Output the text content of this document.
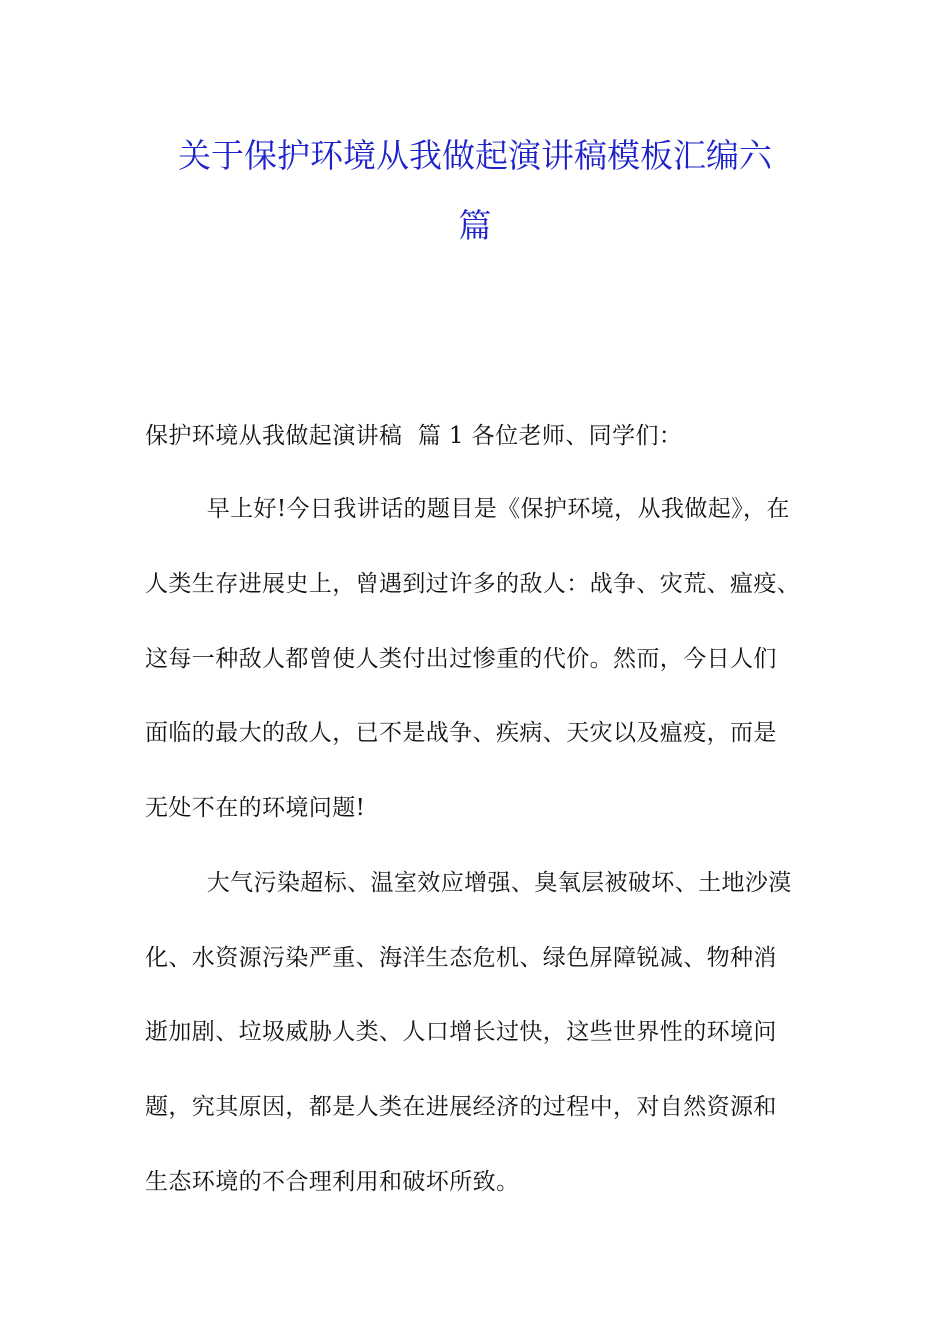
关于保护环境从我做起演讲稿模板汇编六
篇
保护环境从我做起演讲稿  篇 1 各位老师、同学们：
早上好!今日我讲话的题目是《保护环境，从我做起》，在
人类生存进展史上，曾遇到过许多的敌人：战争、灾荒、瘟疫、
这每一种敌人都曾使人类付出过惨重的代价。然而，今日人们
面临的最大的敌人，已不是战争、疾病、天灾以及瘟疫，而是
无处不在的环境问题!
大气污染超标、温室效应增强、臭氧层被破坏、土地沙漠
化、水资源污染严重、海洋生态危机、绿色屏障锐减、物种消
逝加剧、垃圾威胁人类、人口增长过快，这些世界性的环境问
题，究其原因，都是人类在进展经济的过程中，对自然资源和
生态环境的不合理利用和破坏所致。
